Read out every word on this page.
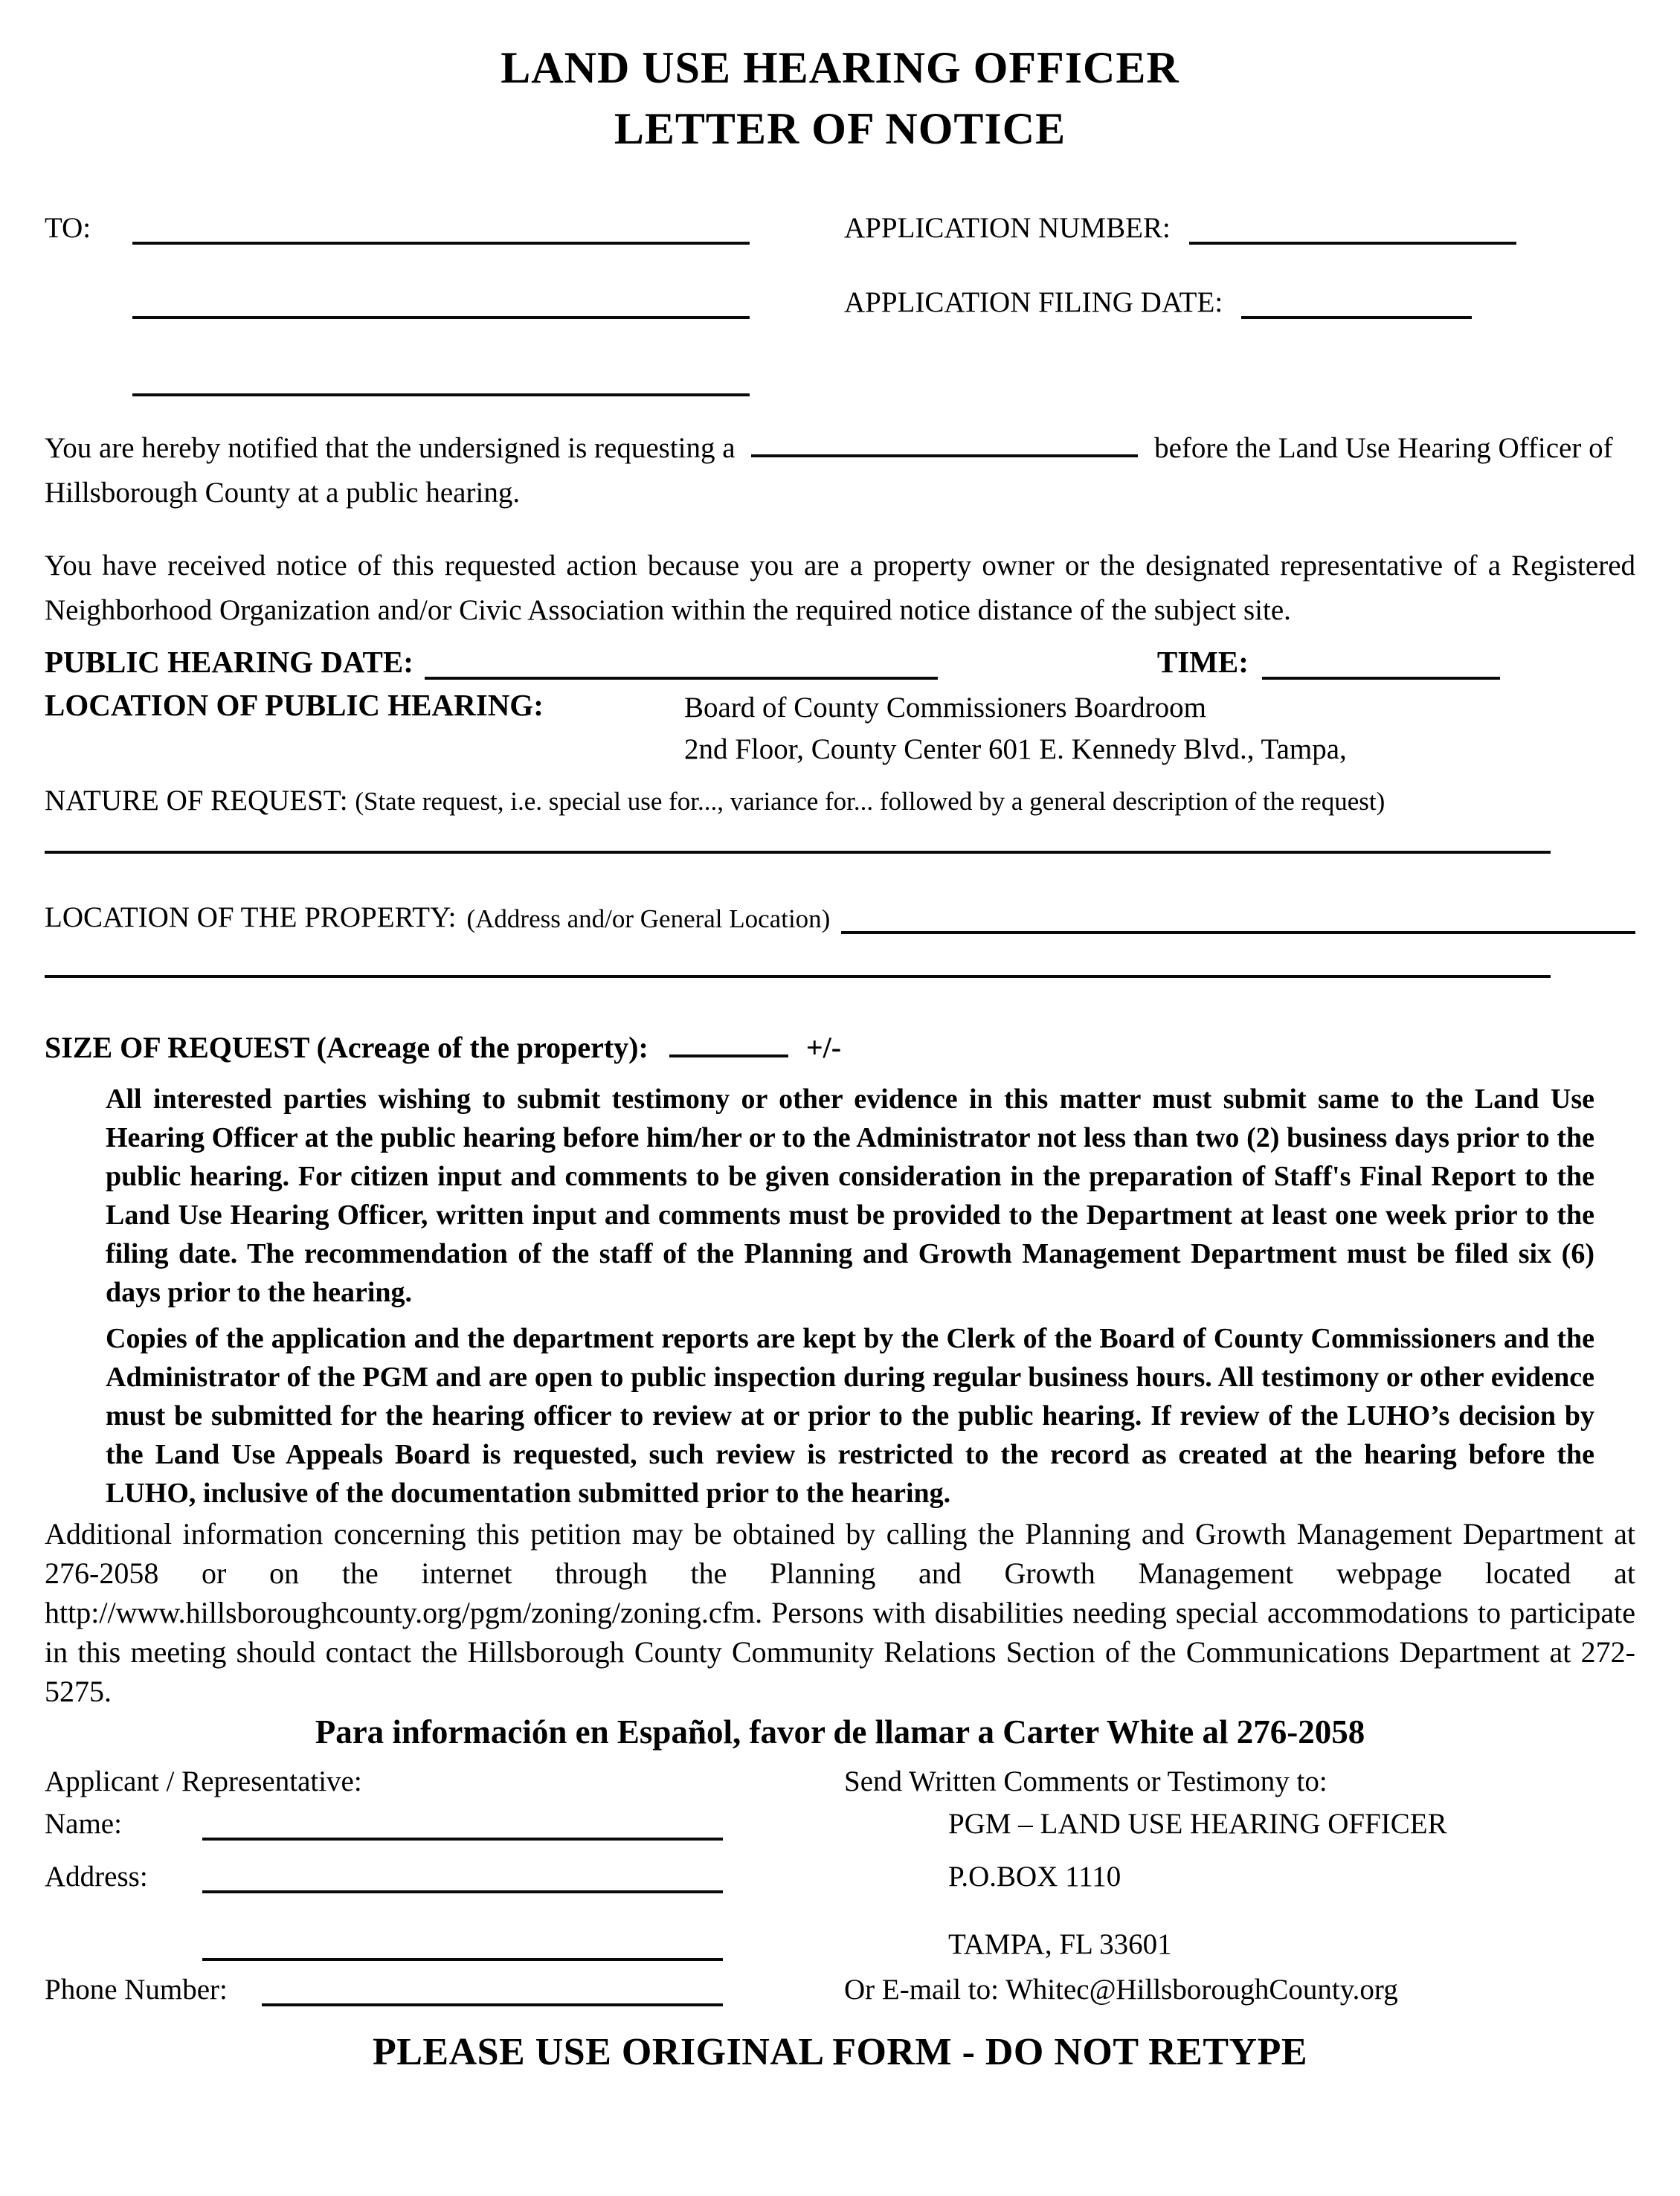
LAND USE HEARING OFFICER
LETTER OF NOTICE
TO:	APPLICATION NUMBER:
APPLICATION FILING DATE:
You are hereby notified that the undersigned is requesting a	before the Land Use Hearing Officer of Hillsborough County at a public hearing.
You have received notice of this requested action because you are a property owner or the designated representative of a Registered Neighborhood Organization and/or Civic Association within the required notice distance of the subject site.
PUBLIC HEARING DATE:	TIME:
LOCATION OF PUBLIC HEARING:	Board of County Commissioners Boardroom
2nd Floor, County Center 601 E. Kennedy Blvd., Tampa,
NATURE OF REQUEST: (State request, i.e. special use for..., variance for... followed by a general description of the request)
LOCATION OF THE PROPERTY: (Address and/or General Location)
SIZE OF REQUEST (Acreage of the property):	+/-
All interested parties wishing to submit testimony or other evidence in this matter must submit same to the Land Use Hearing Officer at the public hearing before him/her or to the Administrator not less than two (2) business days prior to the public hearing. For citizen input and comments to be given consideration in the preparation of Staff's Final Report to the Land Use Hearing Officer, written input and comments must be provided to the Department at least one week prior to the filing date. The recommendation of the staff of the Planning and Growth Management Department must be filed six (6) days prior to the hearing.
Copies of the application and the department reports are kept by the Clerk of the Board of County Commissioners and the Administrator of the PGM and are open to public inspection during regular business hours. All testimony or other evidence must be submitted for the hearing officer to review at or prior to the public hearing. If review of the LUHO’s decision by the Land Use Appeals Board is requested, such review is restricted to the record as created at the hearing before the LUHO, inclusive of the documentation submitted prior to the hearing.
Additional information concerning this petition may be obtained by calling the Planning and Growth Management Department at 276-2058 or on the internet through the Planning and Growth Management webpage located at http://www.hillsboroughcounty.org/pgm/zoning/zoning.cfm. Persons with disabilities needing special accommodations to participate in this meeting should contact the Hillsborough County Community Relations Section of the Communications Department at 272-5275.
Para información en Español, favor de llamar a Carter White al 276-2058
Applicant / Representative:	Send Written Comments or Testimony to:
Name:	PGM – LAND USE HEARING OFFICER
Address:	P.O.BOX 1110
TAMPA, FL 33601
Phone Number:	Or E-mail to: Whitec@HillsboroughCounty.org
PLEASE USE ORIGINAL FORM - DO NOT RETYPE
